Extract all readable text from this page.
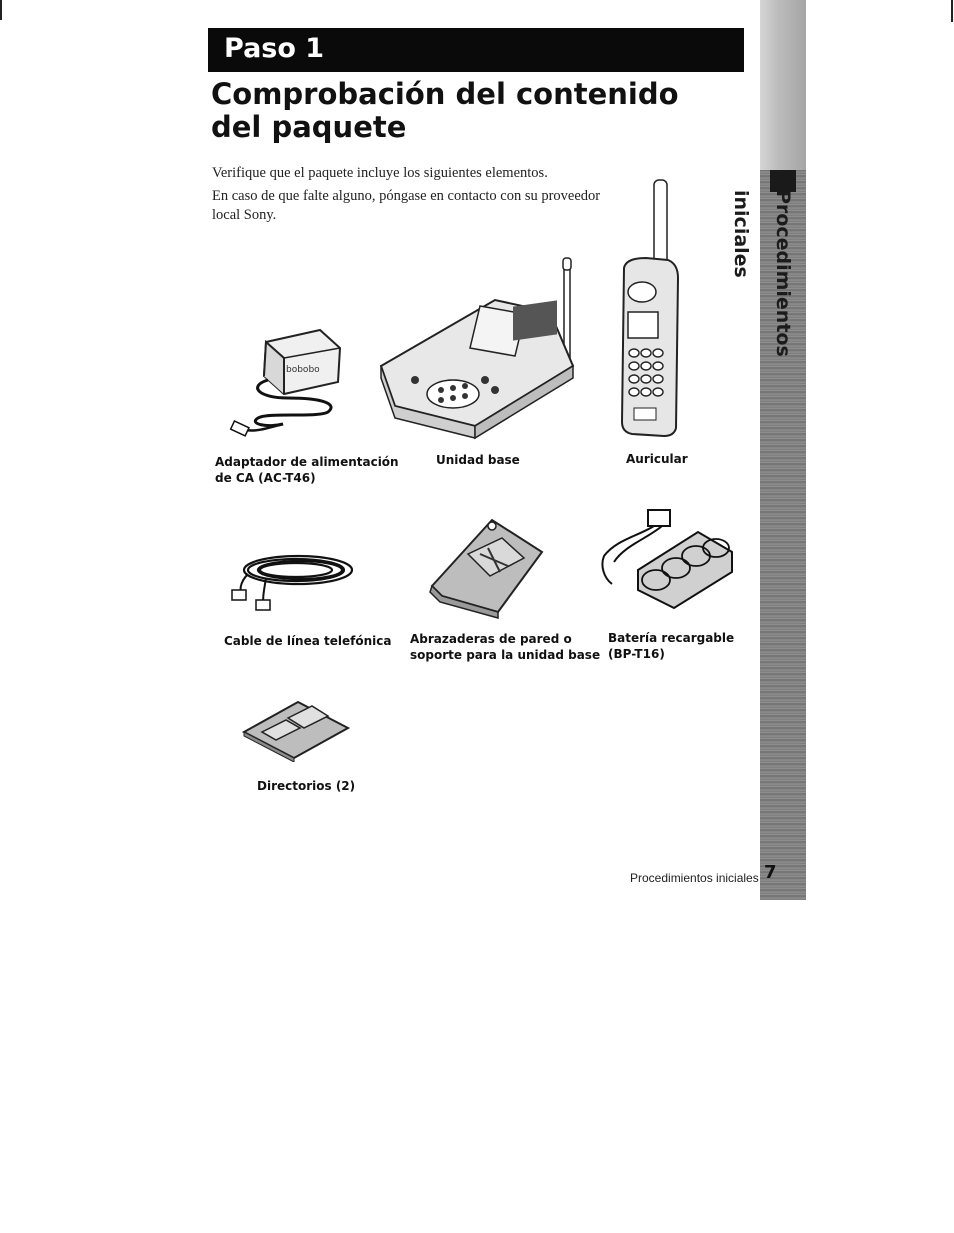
Paso 1
Comprobación del contenido del paquete

Verifique que el paquete incluye los siguientes elementos.

En caso de que falte alguno, póngase en contacto con su proveedor

local Sony.

bobobo

Adaptador de alimentación

de CA (AC-T46)

Unidad base	Auricular

Cable de línea telefónica Abrazaderas de pared o

soporte para la unidad base

Batería recargable

(BP-T16)

Directorios (2)

Procedimientos iniciales
7
Procedimientos iniciales
